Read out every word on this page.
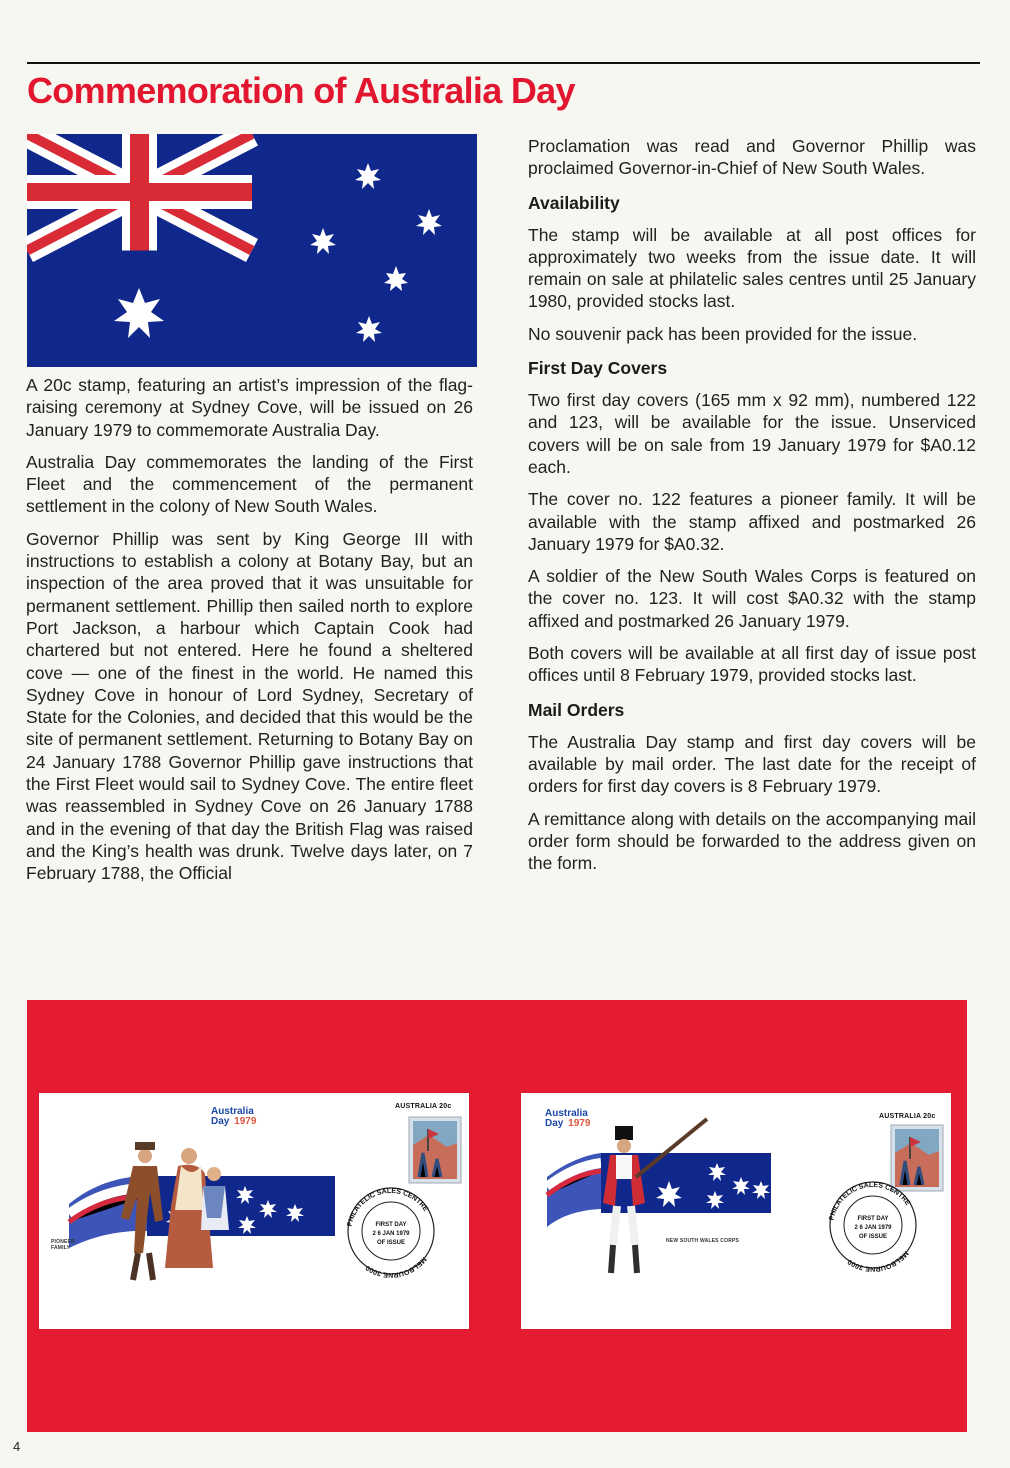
Commemoration of Australia Day

A 20c stamp, featuring an artist’s impression of the flag-raising ceremony at Sydney Cove, will be issued on 26 January 1979 to commemorate Australia Day.

Australia Day commemorates the landing of the First Fleet and the commencement of the permanent settlement in the colony of New South Wales.

Governor Phillip was sent by King George III with instructions to establish a colony at Botany Bay, but an inspection of the area proved that it was unsuitable for permanent settlement. Phillip then sailed north to explore Port Jackson, a harbour which Captain Cook had chartered but not entered. Here he found a sheltered cove — one of the finest in the world. He named this Sydney Cove in honour of Lord Sydney, Secretary of State for the Colonies, and decided that this would be the site of permanent settlement. Returning to Botany Bay on 24 January 1788 Governor Phillip gave instructions that the First Fleet would sail to Sydney Cove. The entire fleet was reassembled in Sydney Cove on 26 January 1788 and in the evening of that day the British Flag was raised and the King’s health was drunk. Twelve days later, on 7 February 1788, the Official

Proclamation was read and Governor Phillip was proclaimed Governor-in-Chief of New South Wales.

Availability

The stamp will be available at all post offices for approximately two weeks from the issue date. It will remain on sale at philatelic sales centres until 25 January 1980, provided stocks last.

No souvenir pack has been provided for the issue.

First Day Covers

Two first day covers (165 mm x 92 mm), numbered 122 and 123, will be available for the issue. Unserviced covers will be on sale from 19 January 1979 for $A0.12 each.

The cover no. 122 features a pioneer family. It will be available with the stamp affixed and postmarked 26 January 1979 for $A0.32.

A soldier of the New South Wales Corps is featured on the cover no. 123. It will cost $A0.32 with the stamp affixed and postmarked 26 January 1979.

Both covers will be available at all first day of issue post offices until 8 February 1979, provided stocks last.

Mail Orders

The Australia Day stamp and first day covers will be available by mail order. The last date for the receipt of orders for first day covers is 8 February 1979.

A remittance along with details on the accompanying mail order form should be forwarded to the address given on the form.

Australia
Day 1979
AUSTRALIA 20c
PIONEER
FAMILY
PHILATELIC SALES CENTRE
MELBOURNE 3000
FIRST DAY
2 6 JAN 1979
OF ISSUE
Australia
Day 1979
AUSTRALIA 20c
NEW SOUTH WALES CORPS
PHILATELIC SALES CENTRE
MELBOURNE 3000
FIRST DAY
2 6 JAN 1979
OF ISSUE
4
